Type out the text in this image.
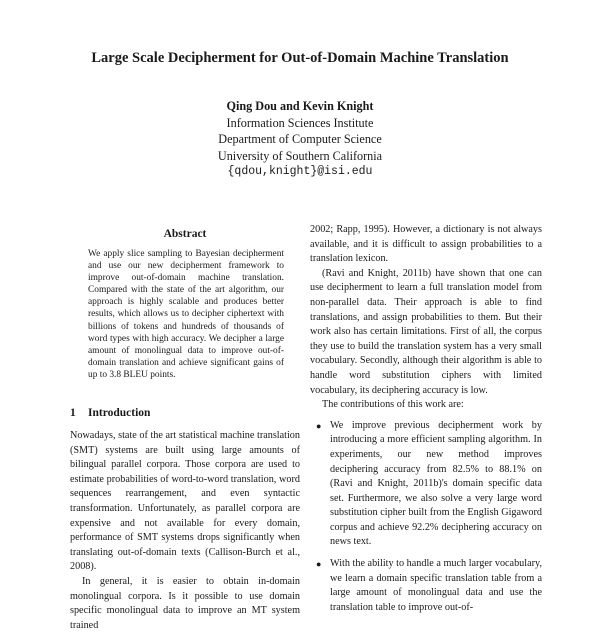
Large Scale Decipherment for Out-of-Domain Machine Translation
Qing Dou and Kevin Knight
Information Sciences Institute
Department of Computer Science
University of Southern California
{qdou,knight}@isi.edu
Abstract

We apply slice sampling to Bayesian decipherment and use our new decipherment framework to improve out-of-domain machine translation. Compared with the state of the art algorithm, our approach is highly scalable and produces better results, which allows us to decipher ciphertext with billions of tokens and hundreds of thousands of word types with high accuracy. We decipher a large amount of monolingual data to improve out-of-domain translation and achieve significant gains of up to 3.8 BLEU points.

1 Introduction

Nowadays, state of the art statistical machine translation (SMT) systems are built using large amounts of bilingual parallel corpora. Those corpora are used to estimate probabilities of word-to-word translation, word sequences rearrangement, and even syntactic transformation. Unfortunately, as parallel corpora are expensive and not available for every domain, performance of SMT systems drops significantly when translating out-of-domain texts (Callison-Burch et al., 2008).

In general, it is easier to obtain in-domain monolingual corpora. Is it possible to use domain specific monolingual data to improve an MT system trained

2002; Rapp, 1995). However, a dictionary is not always available, and it is difficult to assign probabilities to a translation lexicon.

(Ravi and Knight, 2011b) have shown that one can use decipherment to learn a full translation model from non-parallel data. Their approach is able to find translations, and assign probabilities to them. But their work also has certain limitations. First of all, the corpus they use to build the translation system has a very small vocabulary. Secondly, although their algorithm is able to handle word substitution ciphers with limited vocabulary, its deciphering accuracy is low.

The contributions of this work are:

● We improve previous decipherment work by introducing a more efficient sampling algorithm. In experiments, our new method improves deciphering accuracy from 82.5% to 88.1% on (Ravi and Knight, 2011b)'s domain specific data set. Furthermore, we also solve a very large word substitution cipher built from the English Gigaword corpus and achieve 92.2% deciphering accuracy on news text.
● With the ability to handle a much larger vocabulary, we learn a domain specific translation table from a large amount of monolingual data and use the translation table to improve out-of-
